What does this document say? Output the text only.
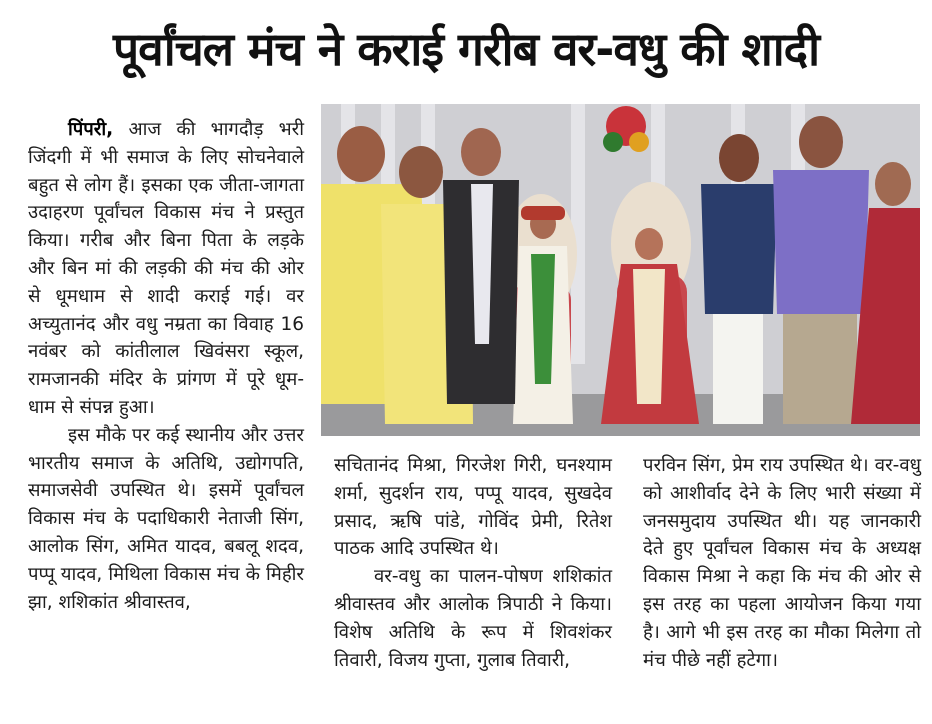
पूर्वांचल मंच ने कराई गरीब वर-वधु की शादी

पिंपरी, आज की भागदौड़ भरी जिंदगी में भी समाज के लिए सोचनेवाले बहुत से लोग हैं। इसका एक जीता-जागता उदाहरण पूर्वांचल विकास मंच ने प्रस्तुत किया। गरीब और बिना पिता के लड़के और बिन मां की लड़की की मंच की ओर से धूमधाम से शादी कराई गई। वर अच्युतानंद और वधु नम्रता का विवाह 16 नवंबर को कांतीलाल खिवंसरा स्कूल, रामजानकी मंदिर के प्रांगण में पूरे धूम-धाम से संपन्न हुआ।

इस मौके पर कई स्थानीय और उत्तर भारतीय समाज के अतिथि, उद्योगपति, समाजसेवी उपस्थित थे। इसमें पूर्वांचल विकास मंच के पदाधिकारी नेताजी सिंग, आलोक सिंग, अमित यादव, बबलू शदव, पप्पू यादव, मिथिला विकास मंच के मिहीर झा, शशिकांत श्रीवास्तव,

सचितानंद मिश्रा, गिरजेश गिरी, घनश्याम शर्मा, सुदर्शन राय, पप्पू यादव, सुखदेव प्रसाद, ऋषि पांडे, गोविंद प्रेमी, रितेश पाठक आदि उपस्थित थे।

वर-वधु का पालन-पोषण शशिकांत श्रीवास्तव और आलोक त्रिपाठी ने किया। विशेष अतिथि के रूप में शिवशंकर तिवारी, विजय गुप्ता, गुलाब तिवारी,

परविन सिंग, प्रेम राय उपस्थित थे। वर-वधु को आशीर्वाद देने के लिए भारी संख्या में जनसमुदाय उपस्थित थी। यह जानकारी देते हुए पूर्वांचल विकास मंच के अध्यक्ष विकास मिश्रा ने कहा कि मंच की ओर से इस तरह का पहला आयोजन किया गया है। आगे भी इस तरह का मौका मिलेगा तो मंच पीछे नहीं हटेगा।
